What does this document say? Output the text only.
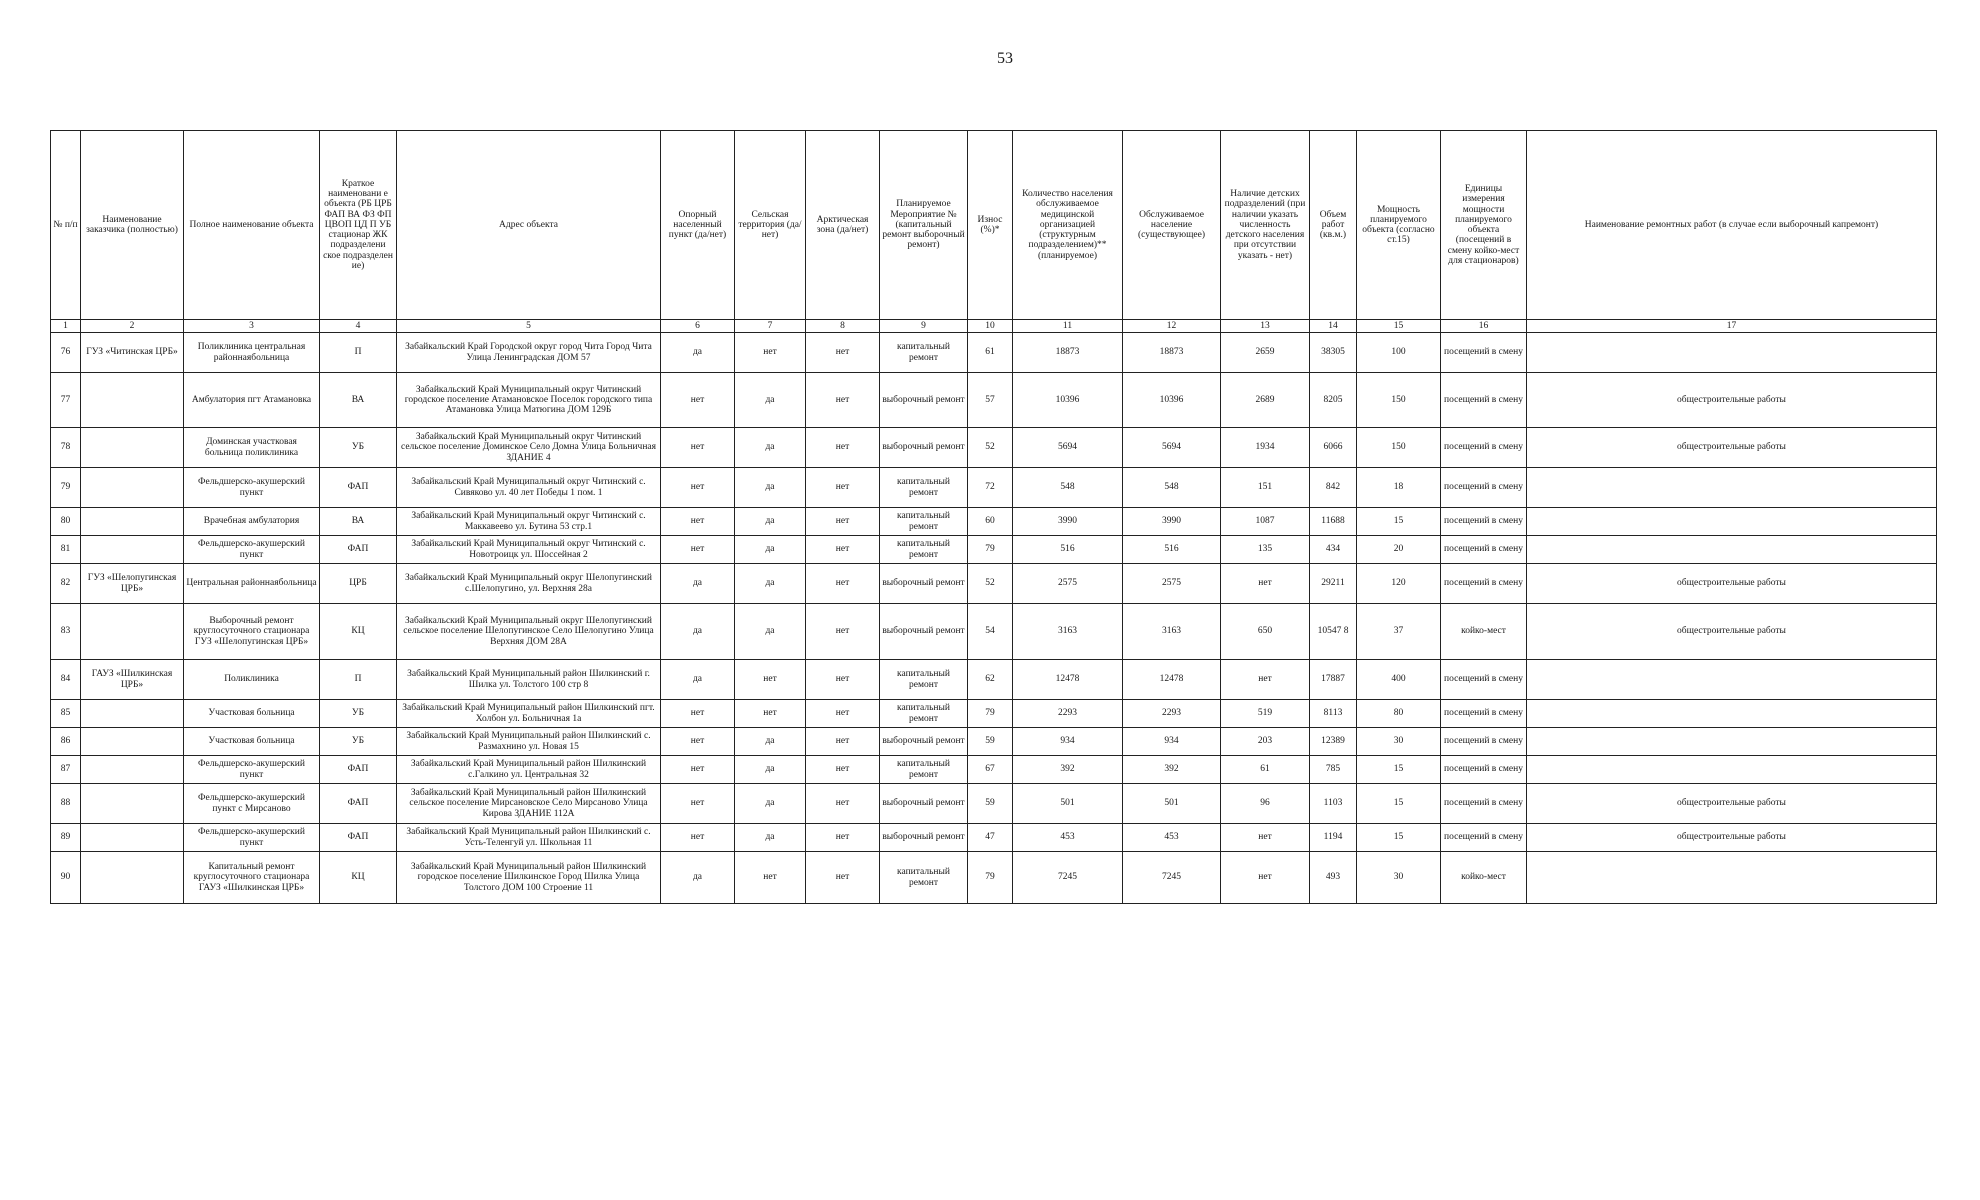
53
№ п/п	Наименование заказчика (полностью)	Полное наименование объекта	Краткое наименовани е объекта (РБ ЦРБ ФАП ВА ФЗ ФП ЦВОП ЦД П УБ стационар ЖК подразделени ское подразделен ие)	Адрес объекта	Опорный населенный пункт (да/нет)	Сельская территория (да/нет)	Арктическая зона (да/нет)	Планируемое Мероприятие № (капитальный ремонт выборочный ремонт)	Износ (%)*	Количество населения обслуживаемое медицинской организацией (структурным подразделением)** (планируемое)	Обслуживаемое население (существующее)	Наличие детских подразделений (при наличии указать численность детского населения при отсутствии указать - нет)	Объем работ (кв.м.)	Мощность планируемого объекта (согласно ст.15)	Единицы измерения мощности планируемого объекта (посещений в смену койко-мест для стационаров)	Наименование ремонтных работ (в случае если выборочный капремонт)
1	2	3	4	5	6	7	8	9	10	11	12	13	14	15	16	17
76	ГУЗ «Читинская ЦРБ»	Поликлиника центральная районнаябольница	П	Забайкальский Край Городской округ город Чита Город Чита Улица Ленинградская ДОМ 57	да	нет	нет	капитальный ремонт	61	18873	18873	2659	38305	100	посещений в смену	
77		Амбулатория пгт Атамановка	ВА	Забайкальский Край Муниципальный округ Читинский городское поселение Атамановское Поселок городского типа Атамановка Улица Матюгина ДОМ 129Б	нет	да	нет	выборочный ремонт	57	10396	10396	2689	8205	150	посещений в смену	общестроительные работы
78		Доминская участковая больница поликлиника	УБ	Забайкальский Край Муниципальный округ Читинский сельское поселение Доминское Село Домна Улица Больничная ЗДАНИЕ 4	нет	да	нет	выборочный ремонт	52	5694	5694	1934	6066	150	посещений в смену	общестроительные работы
79		Фельдшерско-акушерский пункт	ФАП	Забайкальский Край Муниципальный округ Читинский с. Сивяково ул. 40 лет Победы 1 пом. 1	нет	да	нет	капитальный ремонт	72	548	548	151	842	18	посещений в смену	
80		Врачебная амбулатория	ВА	Забайкальский Край Муниципальный округ Читинский с. Маккавеево ул. Бутина 53 стр.1	нет	да	нет	капитальный ремонт	60	3990	3990	1087	11688	15	посещений в смену	
81		Фельдшерско-акушерский пункт	ФАП	Забайкальский Край Муниципальный округ Читинский с. Новотроицк ул. Шоссейная 2	нет	да	нет	капитальный ремонт	79	516	516	135	434	20	посещений в смену	
82	ГУЗ «Шелопугинская ЦРБ»	Центральная районнаябольница	ЦРБ	Забайкальский Край Муниципальный округ Шелопугинский с.Шелопугино, ул. Верхняя 28а	да	да	нет	выборочный ремонт	52	2575	2575	нет	29211	120	посещений в смену	общестроительные работы
83		Выборочный ремонт круглосуточного стационара ГУЗ «Шелопугинская ЦРБ»	КЦ	Забайкальский Край Муниципальный округ Шелопугинский сельское поселение Шелопугинское Село Шелопугино Улица Верхняя ДОМ 28А	да	да	нет	выборочный ремонт	54	3163	3163	650	10547 8	37	койко-мест	общестроительные работы
84	ГАУЗ «Шилкинская ЦРБ»	Поликлиника	П	Забайкальский Край Муниципальный район Шилкинский г. Шилка ул. Толстого 100 стр 8	да	нет	нет	капитальный ремонт	62	12478	12478	нет	17887	400	посещений в смену	
85		Участковая больница	УБ	Забайкальский Край Муниципальный район Шилкинский пгт. Холбон ул. Больничная 1а	нет	нет	нет	капитальный ремонт	79	2293	2293	519	8113	80	посещений в смену	
86		Участковая больница	УБ	Забайкальский Край Муниципальный район Шилкинский с. Размахнино ул. Новая 15	нет	да	нет	выборочный ремонт	59	934	934	203	12389	30	посещений в смену	
87		Фельдшерско-акушерский пункт	ФАП	Забайкальский Край Муниципальный район Шилкинский с.Галкино ул. Центральная 32	нет	да	нет	капитальный ремонт	67	392	392	61	785	15	посещений в смену	
88		Фельдшерско-акушерский пункт с Мирсаново	ФАП	Забайкальский Край Муниципальный район Шилкинский сельское поселение Мирсановское Село Мирсаново Улица Кирова ЗДАНИЕ 112А	нет	да	нет	выборочный ремонт	59	501	501	96	1103	15	посещений в смену	общестроительные работы
89		Фельдшерско-акушерский пункт	ФАП	Забайкальский Край Муниципальный район Шилкинский с. Усть-Теленгуй ул. Школьная 11	нет	да	нет	выборочный ремонт	47	453	453	нет	1194	15	посещений в смену	общестроительные работы
90		Капитальный ремонт круглосуточного стационара ГАУЗ «Шилкинская ЦРБ»	КЦ	Забайкальский Край Муниципальный район Шилкинский городское поселение Шилкинское Город Шилка Улица Толстого ДОМ 100 Строение 11	да	нет	нет	капитальный ремонт	79	7245	7245	нет	493	30	койко-мест	
